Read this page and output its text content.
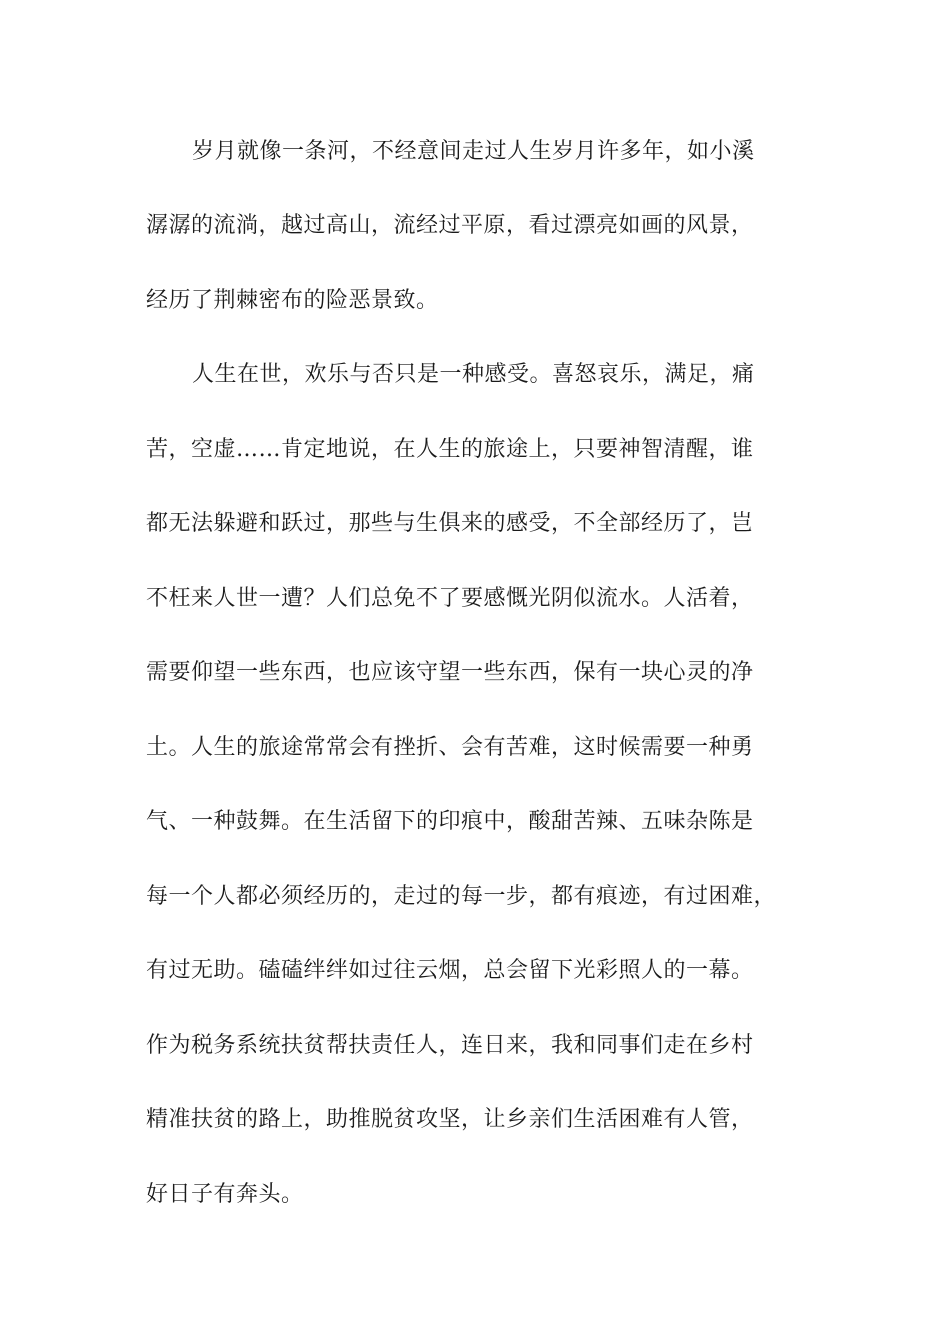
岁月就像一条河，不经意间走过人生岁月许多年，如小溪
潺潺的流淌，越过高山，流经过平原，看过漂亮如画的风景，
经历了荆棘密布的险恶景致。
人生在世，欢乐与否只是一种感受。喜怒哀乐，满足，痛
苦，空虚……肯定地说，在人生的旅途上，只要神智清醒，谁
都无法躲避和跃过，那些与生俱来的感受，不全部经历了，岂
不枉来人世一遭？人们总免不了要感慨光阴似流水。人活着，
需要仰望一些东西，也应该守望一些东西，保有一块心灵的净
土。人生的旅途常常会有挫折、会有苦难，这时候需要一种勇
气、一种鼓舞。在生活留下的印痕中，酸甜苦辣、五味杂陈是
每一个人都必须经历的，走过的每一步，都有痕迹，有过困难，
有过无助。磕磕绊绊如过往云烟，总会留下光彩照人的一幕。
作为税务系统扶贫帮扶责任人，连日来，我和同事们走在乡村
精准扶贫的路上，助推脱贫攻坚，让乡亲们生活困难有人管，
好日子有奔头。
